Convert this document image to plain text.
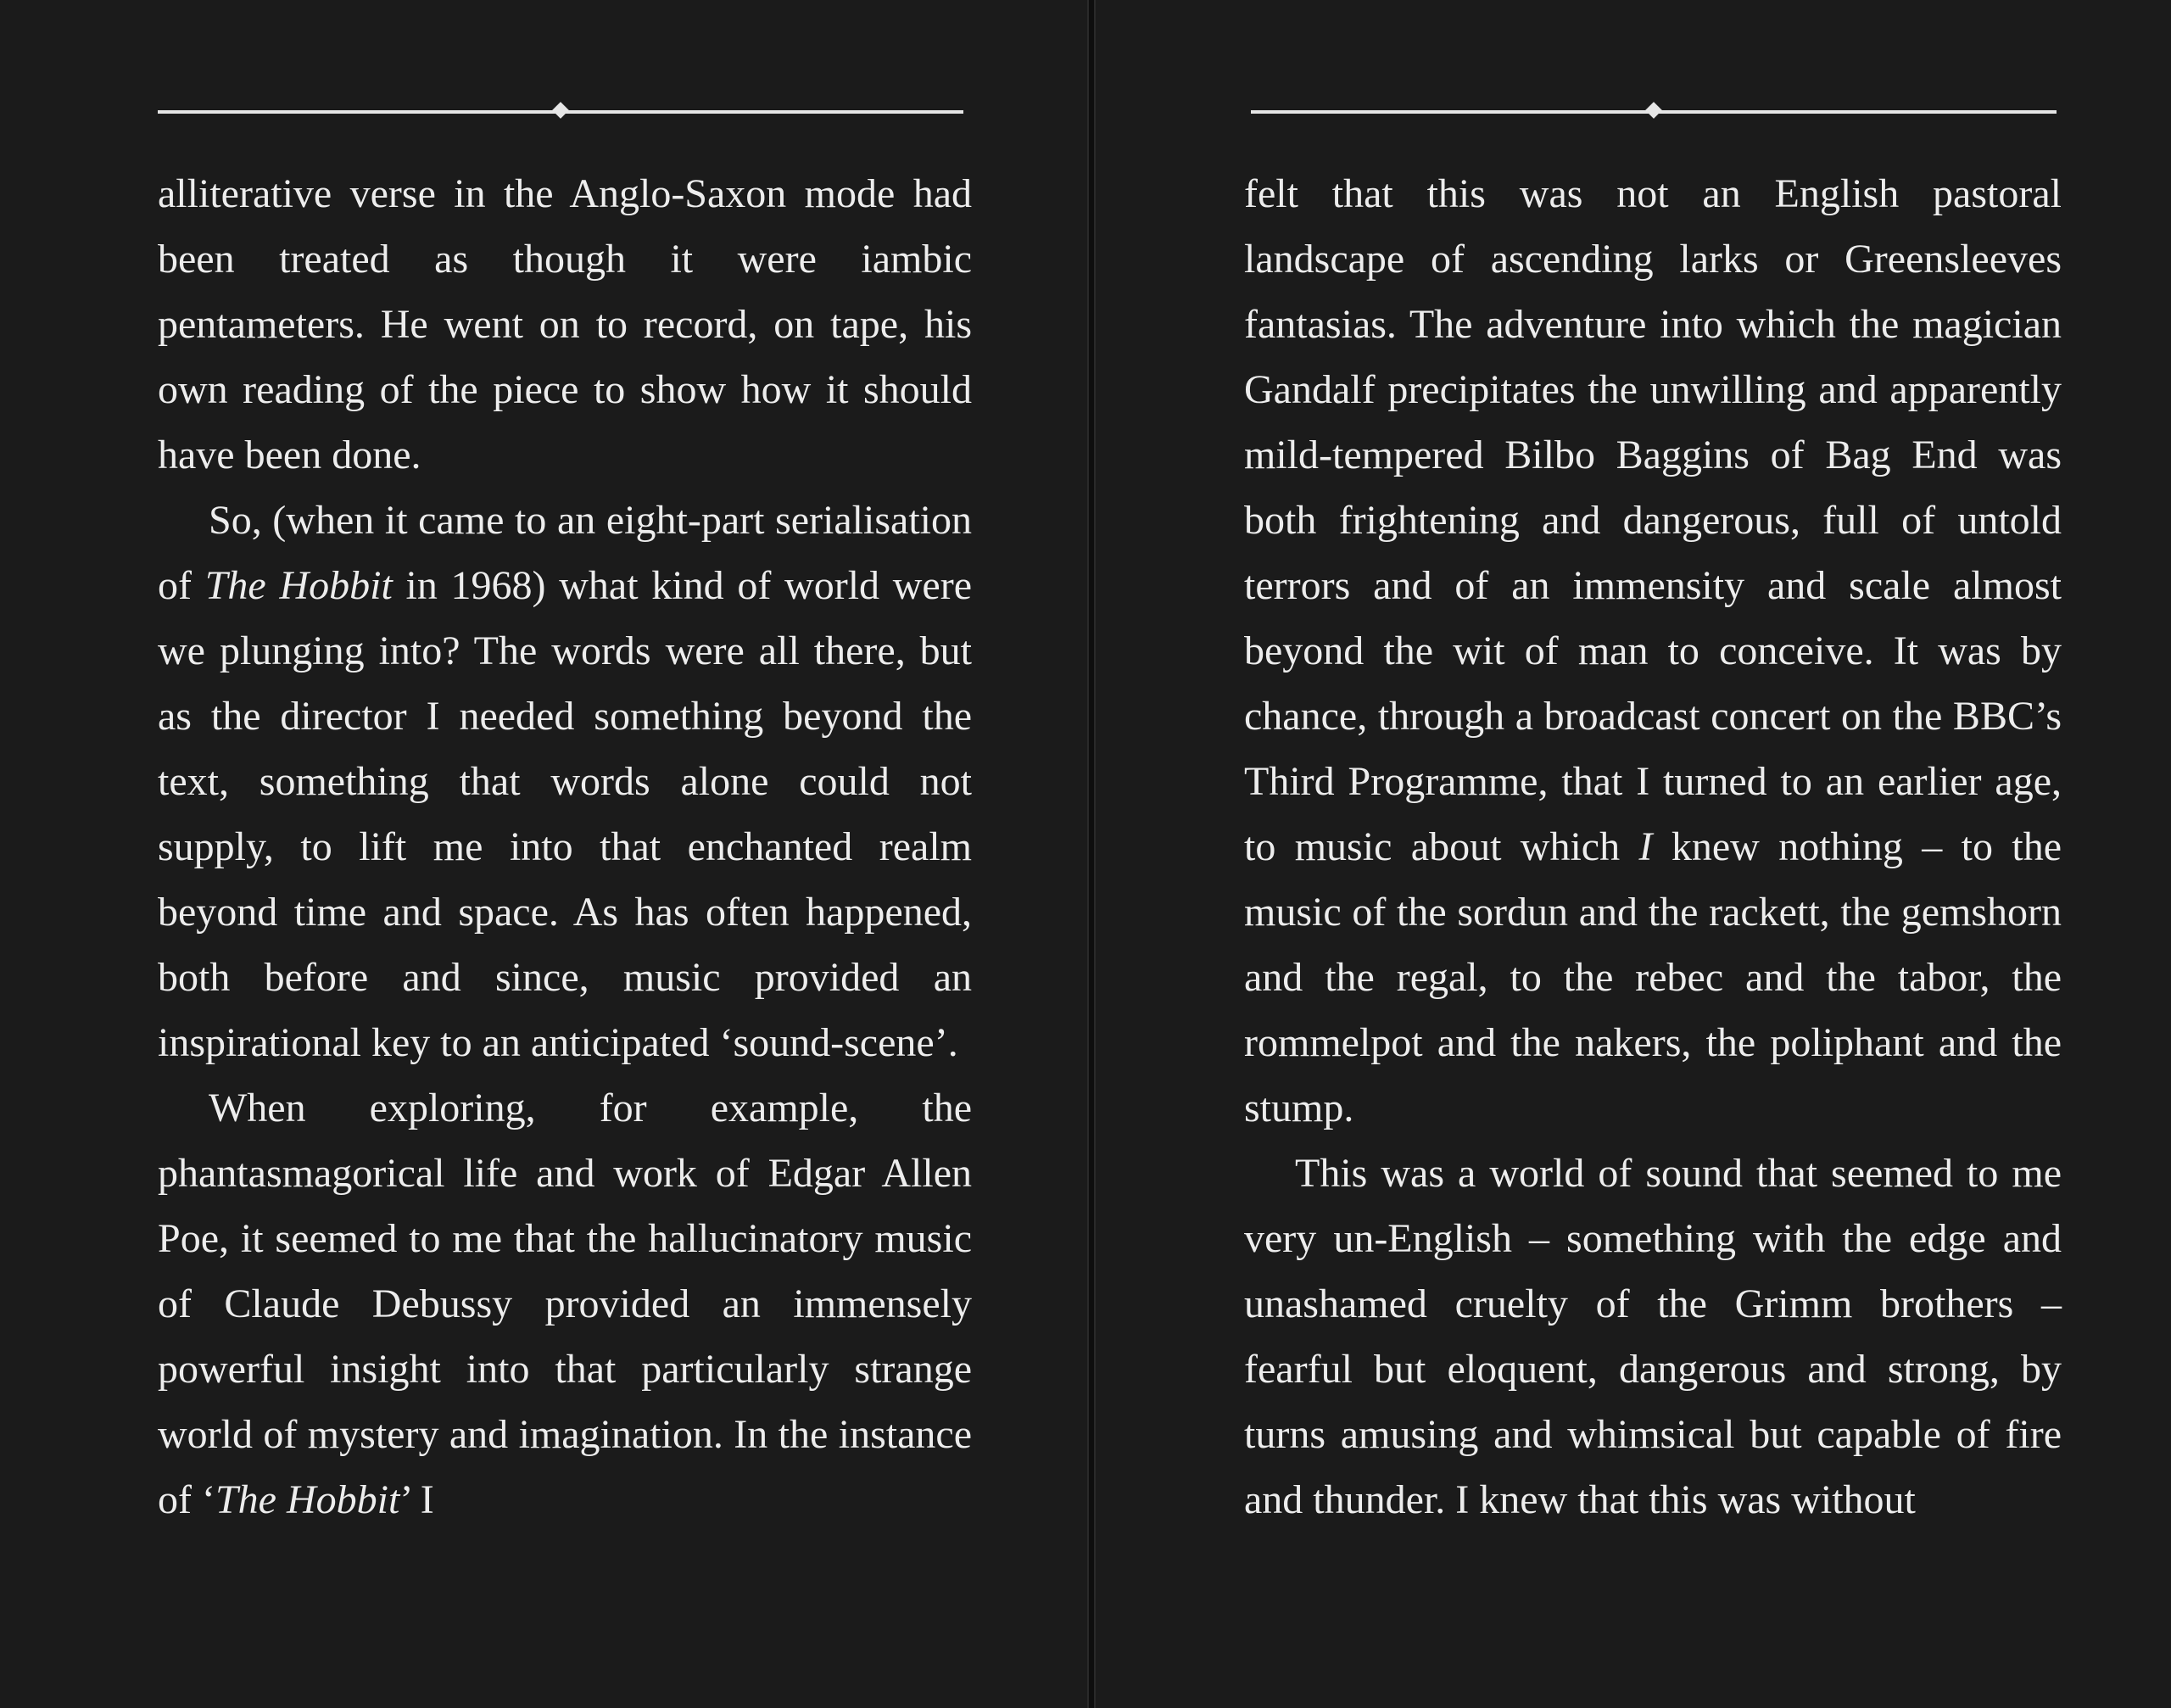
alliterative verse in the Anglo-Saxon mode had been treated as though it were iambic pentameters. He went on to record, on tape, his own reading of the piece to show how it should have been done.

So, (when it came to an eight-part serialisation of The Hobbit in 1968) what kind of world were we plunging into? The words were all there, but as the director I needed something beyond the text, something that words alone could not supply, to lift me into that enchanted realm beyond time and space. As has often happened, both before and since, music provided an inspirational key to an anticipated ‘sound-scene’.

When exploring, for example, the phantasmagorical life and work of Edgar Allen Poe, it seemed to me that the hallucinatory music of Claude Debussy provided an immensely powerful insight into that particularly strange world of mystery and imagination. In the instance of ‘The Hobbit’ I

felt that this was not an English pastoral landscape of ascending larks or Greensleeves fantasias. The adventure into which the magician Gandalf precipitates the unwilling and apparently mild-tempered Bilbo Baggins of Bag End was both frightening and dangerous, full of untold terrors and of an immensity and scale almost beyond the wit of man to conceive. It was by chance, through a broadcast concert on the BBC’s Third Programme, that I turned to an earlier age, to music about which I knew nothing – to the music of the sordun and the rackett, the gemshorn and the regal, to the rebec and the tabor, the rommelpot and the nakers, the poliphant and the stump.

This was a world of sound that seemed to me very un-English – something with the edge and unashamed cruelty of the Grimm brothers – fearful but eloquent, dangerous and strong, by turns amusing and whimsical but capable of fire and thunder. I knew that this was without
